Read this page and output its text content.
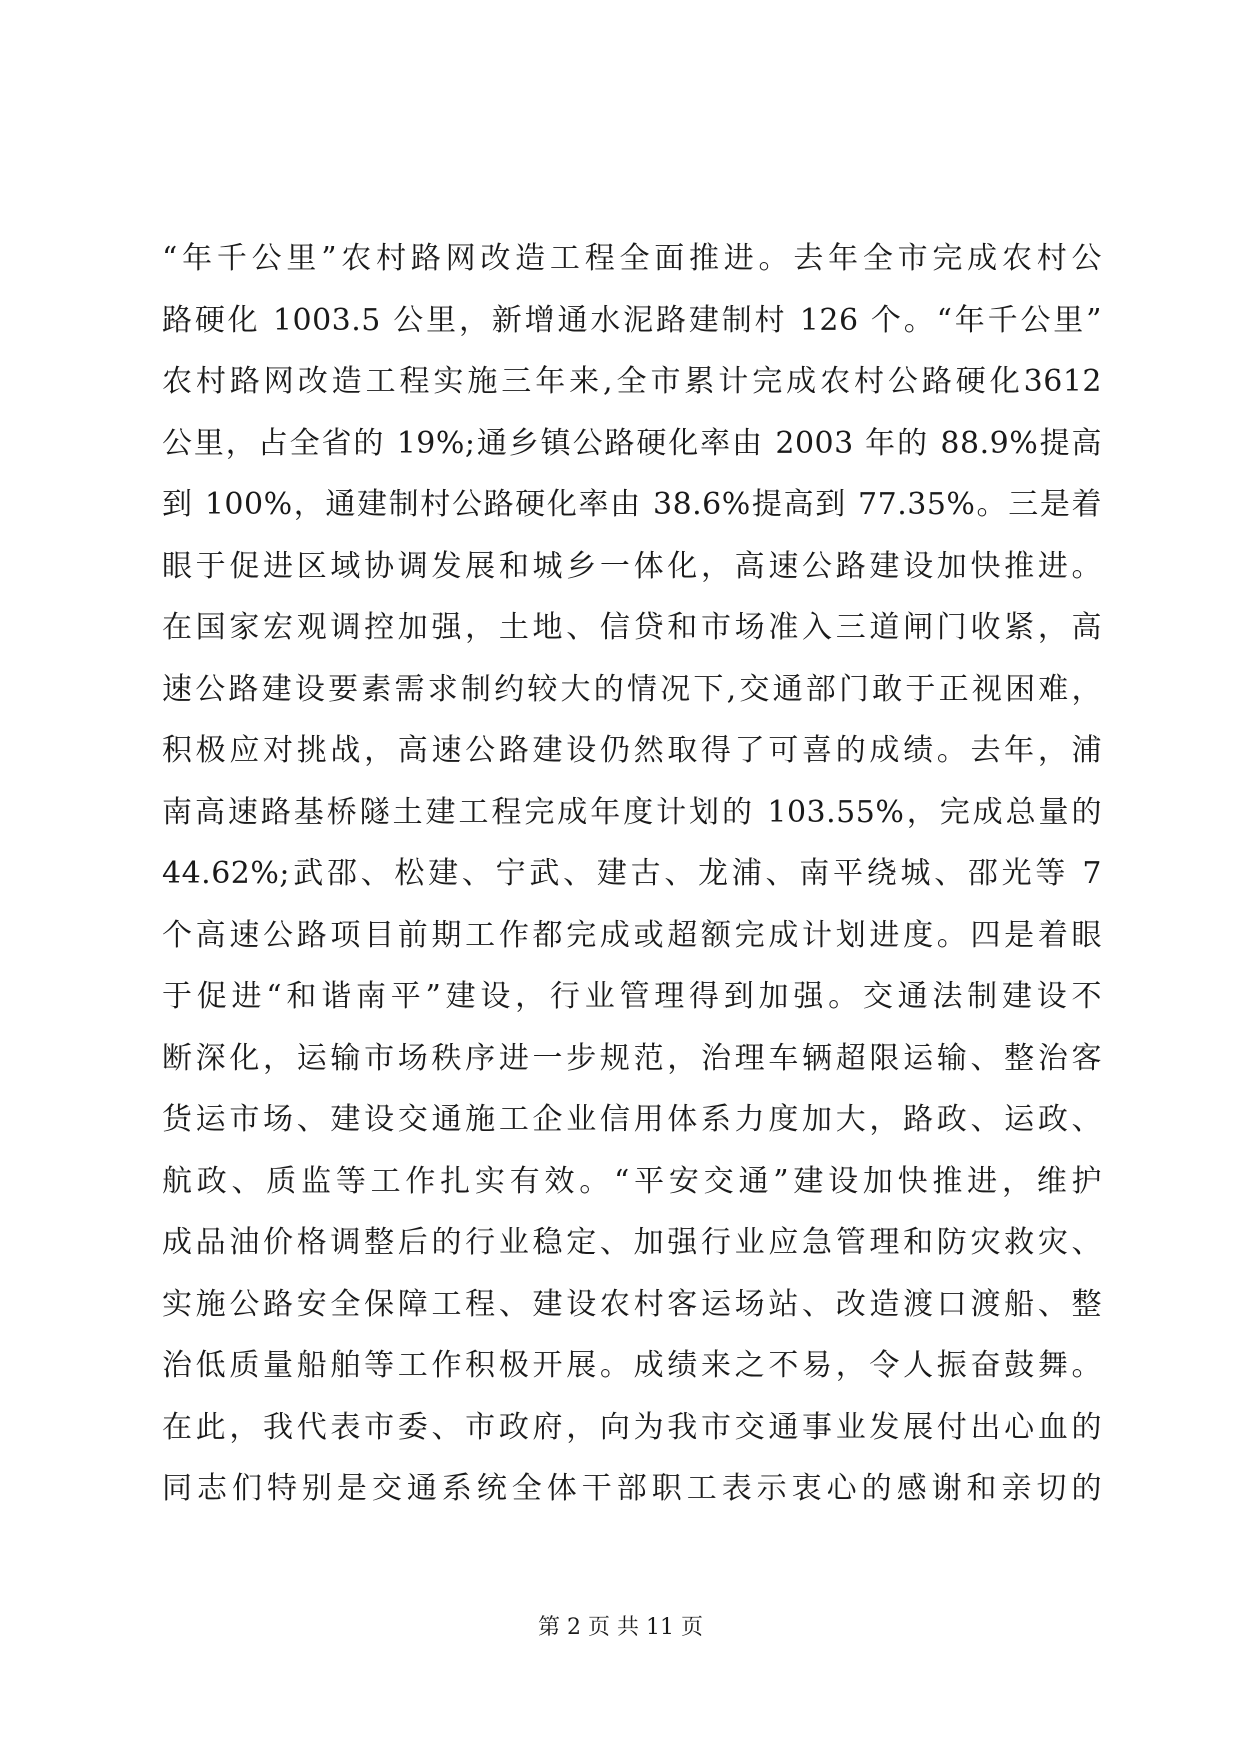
“年千公里”农村路网改造工程全面推进。去年全市完成农村公
路硬化 1003.5 公里，新增通水泥路建制村 126 个。“年千公里”
农村路网改造工程实施三年来,全市累计完成农村公路硬化3612
公里，占全省的 19%;通乡镇公路硬化率由 2003 年的 88.9%提高
到 100%，通建制村公路硬化率由 38.6%提高到 77.35%。三是着
眼于促进区域协调发展和城乡一体化，高速公路建设加快推进。
在国家宏观调控加强，土地、信贷和市场准入三道闸门收紧，高
速公路建设要素需求制约较大的情况下,交通部门敢于正视困难，
积极应对挑战，高速公路建设仍然取得了可喜的成绩。去年，浦
南高速路基桥隧土建工程完成年度计划的 103.55%，完成总量的
44.62%;武邵、松建、宁武、建古、龙浦、南平绕城、邵光等 7
个高速公路项目前期工作都完成或超额完成计划进度。四是着眼
于促进“和谐南平”建设，行业管理得到加强。交通法制建设不
断深化，运输市场秩序进一步规范，治理车辆超限运输、整治客
货运市场、建设交通施工企业信用体系力度加大，路政、运政、
航政、质监等工作扎实有效。“平安交通”建设加快推进，维护
成品油价格调整后的行业稳定、加强行业应急管理和防灾救灾、
实施公路安全保障工程、建设农村客运场站、改造渡口渡船、整
治低质量船舶等工作积极开展。成绩来之不易，令人振奋鼓舞。
在此，我代表市委、市政府，向为我市交通事业发展付出心血的
同志们特别是交通系统全体干部职工表示衷心的感谢和亲切的
第 2 页 共 11 页
